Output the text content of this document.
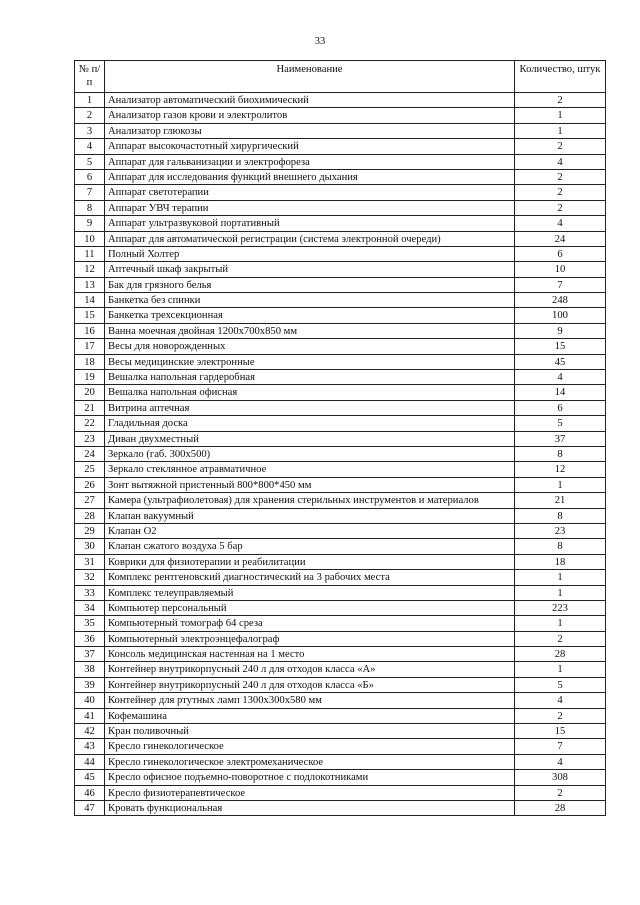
33
№ п/п	Наименование	Количество, штук
1	Анализатор автоматический биохимический	2
2	Анализатор газов крови и электролитов	1
3	Анализатор глюкозы	1
4	Аппарат высокочастотный хирургический	2
5	Аппарат для гальванизации и электрофореза	4
6	Аппарат для исследования функций внешнего дыхания	2
7	Аппарат светотерапии	2
8	Аппарат УВЧ терапии	2
9	Аппарат ультразвуковой портативный	4
10	Аппарат для автоматической регистрации (система электронной очереди)	24
11	Полный Холтер	6
12	Аптечный шкаф закрытый	10
13	Бак для грязного белья	7
14	Банкетка без спинки	248
15	Банкетка трехсекционная	100
16	Ванна моечная двойная 1200х700х850 мм	9
17	Весы для новорожденных	15
18	Весы медицинские электронные	45
19	Вешалка напольная гардеробная	4
20	Вешалка напольная офисная	14
21	Витрина аптечная	6
22	Гладильная доска	5
23	Диван двухместный	37
24	Зеркало (габ. 300х500)	8
25	Зеркало стеклянное атравматичное	12
26	Зонт вытяжной пристенный 800*800*450 мм	1
27	Камера (ультрафиолетовая) для хранения стерильных инструментов и материалов	21
28	Клапан вакуумный	8
29	Клапан О2	23
30	Клапан сжатого воздуха 5 бар	8
31	Коврики для физиотерапии и реабилитации	18
32	Комплекс рентгеновский диагностический на 3 рабочих места	1
33	Комплекс телеуправляемый	1
34	Компьютер персональный	223
35	Компьютерный томограф 64 среза	1
36	Компьютерный электроэнцефалограф	2
37	Консоль медицинская настенная на 1 место	28
38	Контейнер внутрикорпусный 240 л для отходов класса «А»	1
39	Контейнер внутрикорпусный 240 л для отходов класса «Б»	5
40	Контейнер для ртутных ламп 1300х300х580 мм	4
41	Кофемашина	2
42	Кран поливочный	15
43	Кресло гинекологическое	7
44	Кресло гинекологическое электромеханическое	4
45	Кресло офисное подъемно-поворотное с подлокотниками	308
46	Кресло физиотерапевтическое	2
47	Кровать функциональная	28
